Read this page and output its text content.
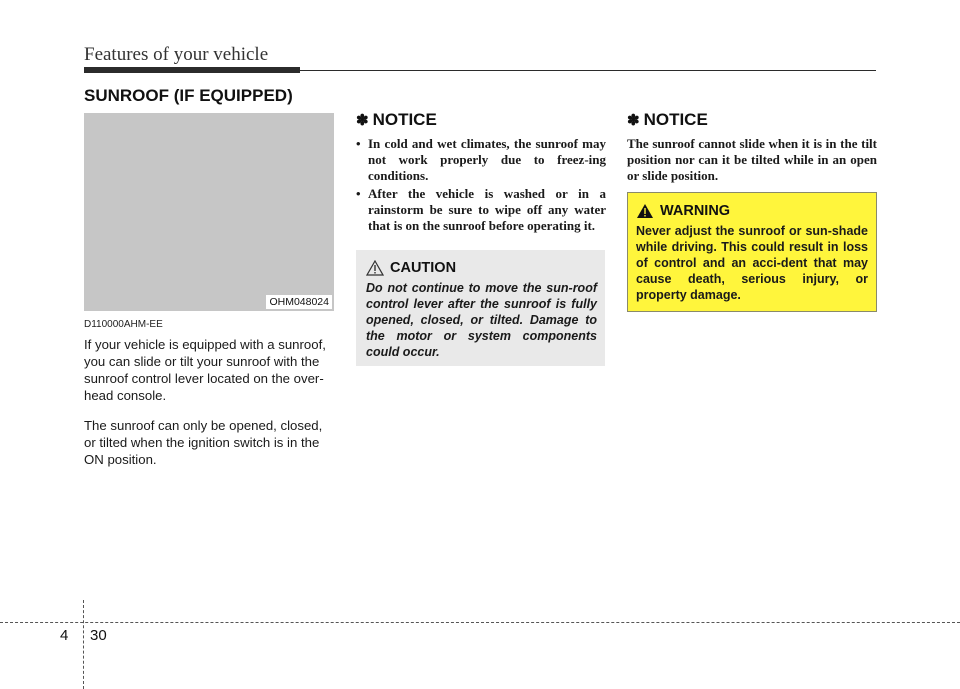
Features of your vehicle
SUNROOF (IF EQUIPPED)
OHM048024
D110000AHM-EE

If your vehicle is equipped with a sunroof, you can slide or tilt your sunroof with the sunroof control lever located on the over-head console.

The sunroof can only be opened, closed, or tilted when the ignition switch is in the ON position.

✽ NOTICE
• In cold and wet climates, the sunroof may not work properly due to freez-ing conditions.
• After the vehicle is washed or in a rainstorm be sure to wipe off any water that is on the sunroof before operating it.
CAUTION

Do not continue to move the sun-roof control lever after the sunroof is fully opened, closed, or tilted. Damage to the motor or system components could occur.

✽ NOTICE

The sunroof cannot slide when it is in the tilt position nor can it be tilted while in an open or slide position.

WARNING

Never adjust the sunroof or sun-shade while driving. This could result in loss of control and an acci-dent that may cause death, serious injury, or property damage.

4 30
